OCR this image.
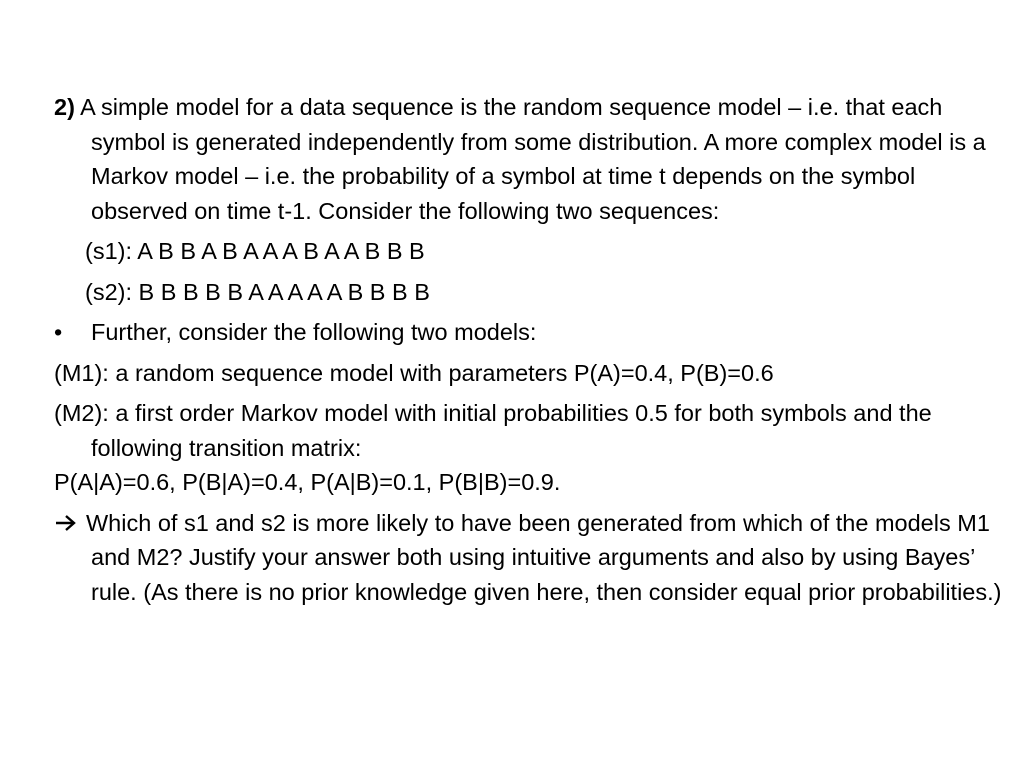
2) A simple model for a data sequence is the random sequence model – i.e. that each symbol is generated independently from some distribution. A more complex model is a Markov model – i.e. the probability of a symbol at time t depends on the symbol observed on time t-1. Consider the following two sequences:

(s1): A B B A B A A A B A A B B B

(s2): B B B B B A A A A A B B B B

•	Further, consider the following two models:

(M1): a random sequence model with parameters P(A)=0.4, P(B)=0.6

(M2): a first order Markov model with initial probabilities 0.5 for both symbols and the following transition matrix:
P(A|A)=0.6, P(B|A)=0.4, P(A|B)=0.1, P(B|B)=0.9.

Which of s1 and s2 is more likely to have been generated from which of the models M1 and M2? Justify your answer both using intuitive arguments and also by using Bayes’ rule. (As there is no prior knowledge given here, then consider equal prior probabilities.)
